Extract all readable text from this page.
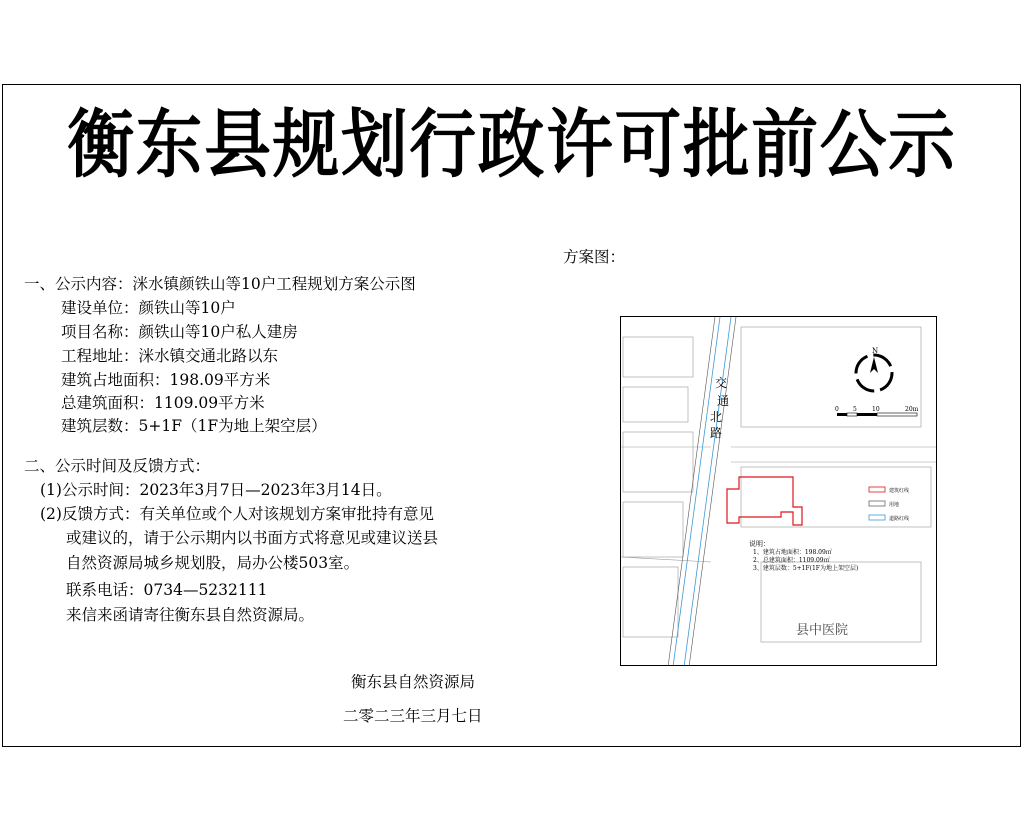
衡东县规划行政许可批前公示
一、公示内容：洣水镇颜铁山等10户工程规划方案公示图
建设单位：颜铁山等10户
项目名称：颜铁山等10户私人建房
工程地址：洣水镇交通北路以东
建筑占地面积：198.09平方米
总建筑面积：1109.09平方米
建筑层数：5+1F（1F为地上架空层）
二、公示时间及反馈方式：
(1)公示时间：2023年3月7日—2023年3月14日。
(2)反馈方式：有关单位或个人对该规划方案审批持有意见
或建议的，请于公示期内以书面方式将意见或建议送县
自然资源局城乡规划股，局办公楼503室。
联系电话：0734—5232111
来信来函请寄往衡东县自然资源局。
衡东县自然资源局
二零二三年三月七日
方案图：
交
通
北
路
N
0 5	10	20m
建筑红线
用地
道路红线
说明：
1、建筑占地面积：198.09㎡
2、总建筑面积：1109.09㎡
3、建筑层数：5+1F(1F为地上架空层)
县中医院
